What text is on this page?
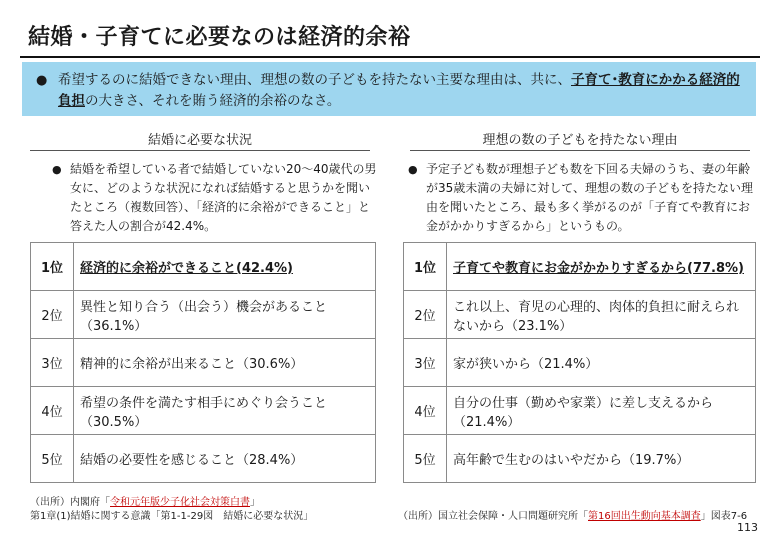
結婚・子育てに必要なのは経済的余裕
● 希望するのに結婚できない理由、理想の数の子どもを持たない主要な理由は、共に、子育て･教育にかかる経済的負担の大きさ、それを賄う経済的余裕のなさ。
結婚に必要な状況
● 結婚を希望している者で結婚していない20～40歳代の男女に、どのような状況になれば結婚すると思うかを聞いたところ（複数回答）、「経済的に余裕ができること」と答えた人の割合が42.4%。
1位	経済的に余裕ができること(42.4%)
2位	異性と知り合う（出会う）機会があること（36.1%）
3位	精神的に余裕が出来ること（30.6%）
4位	希望の条件を満たす相手にめぐり会うこと（30.5%）
5位	結婚の必要性を感じること（28.4%）
理想の数の子どもを持たない理由
● 予定子ども数が理想子ども数を下回る夫婦のうち、妻の年齢が35歳未満の夫婦に対して、理想の数の子どもを持たない理由を聞いたところ、最も多く挙がるのが「子育てや教育にお金がかかりすぎるから」というもの。
1位	子育てや教育にお金がかかりすぎるから(77.8%)
2位	これ以上、育児の心理的、肉体的負担に耐えられないから（23.1%）
3位	家が狭いから（21.4%）
4位	自分の仕事（勤めや家業）に差し支えるから（21.4%）
5位	高年齢で生むのはいやだから（19.7%）
（出所）内閣府「令和元年版少子化社会対策白書」
第1章(1)結婚に関する意識「第1-1-29図　結婚に必要な状況」	（出所）国立社会保障・人口問題研究所「第16回出生動向基本調査」図表7-6
113
